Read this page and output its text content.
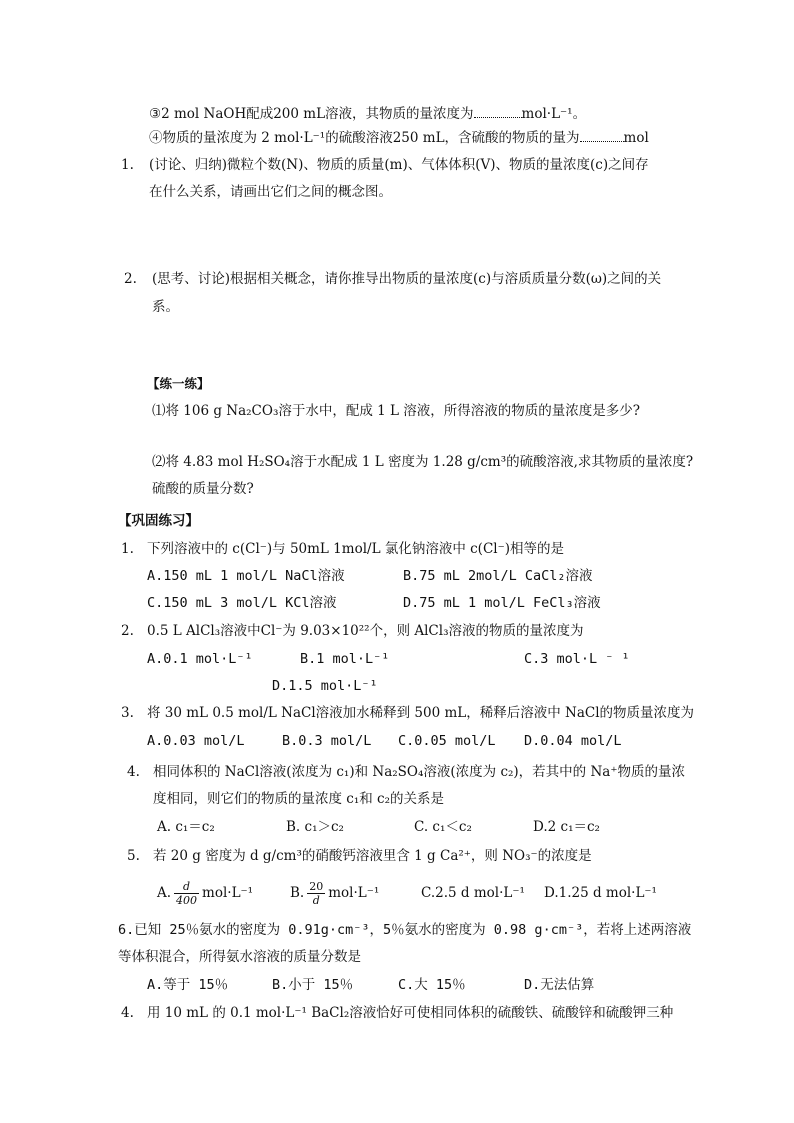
③2 mol NaOH配成200 mL溶液，其物质的量浓度为	mol·L⁻¹。
④物质的量浓度为 2 mol·L⁻¹的硫酸溶液250 mL，含硫酸的物质的量为	mol
1. (讨论、归纳)微粒个数(N)、物质的质量(m)、气体体积(V)、物质的量浓度(c)之间存
在什么关系，请画出它们之间的概念图。
2. (思考、讨论)根据相关概念，请你推导出物质的量浓度(c)与溶质质量分数(ω)之间的关
系。
【练一练】
⑴将 106 g Na₂CO₃溶于水中，配成 1 L 溶液，所得溶液的物质的量浓度是多少?
⑵将 4.83 mol H₂SO₄溶于水配成 1 L 密度为 1.28 g/cm³的硫酸溶液,求其物质的量浓度?
硫酸的质量分数?
【巩固练习】
1. 下列溶液中的 c(Cl⁻)与 50mL 1mol/L 氯化钠溶液中 c(Cl⁻)相等的是
A.150 mL 1 mol/L NaCl溶液	B.75 mL 2mol/L CaCl₂溶液
C.150 mL 3 mol/L KCl溶液	D.75 mL 1 mol/L FeCl₃溶液
2. 0.5 L AlCl₃溶液中Cl⁻为 9.03×10²²个，则 AlCl₃溶液的物质的量浓度为
A.0.1 mol·L⁻¹	B.1 mol·L⁻¹	C.3 mol·L ⁻ ¹
D.1.5 mol·L⁻¹
3. 将 30 mL 0.5 mol/L NaCl溶液加水稀释到 500 mL，稀释后溶液中 NaCl的物质量浓度为
A.0.03 mol/L	B.0.3 mol/L C.0.05 mol/L D.0.04 mol/L
4. 相同体积的 NaCl溶液(浓度为 c₁)和 Na₂SO₄溶液(浓度为 c₂)，若其中的 Na⁺物质的量浓
度相同，则它们的物质的量浓度 c₁和 c₂的关系是
A. c₁＝c₂	B. c₁＞c₂	C. c₁＜c₂	D.2 c₁＝c₂
5. 若 20 g 密度为 d g/cm³的硝酸钙溶液里含 1 g Ca²⁺，则 NO₃⁻的浓度是
A. $\frac{d}{400} mol\cdot L^{-1}$	B. $\frac{20}{d} mol\cdot L^{-1}$	C.2.5 d mol·L⁻¹ D.1.25 d mol·L⁻¹
6.已知 25％氨水的密度为 0.91g·cm⁻³，5％氨水的密度为 0.98 g·cm⁻³，若将上述两溶液
等体积混合，所得氨水溶液的质量分数是
A.等于 15％	B.小于 15％	C.大 15％	D.无法估算
4. 用 10 mL 的 0.1 mol·L⁻¹ BaCl₂溶液恰好可使相同体积的硫酸铁、硫酸锌和硫酸钾三种
